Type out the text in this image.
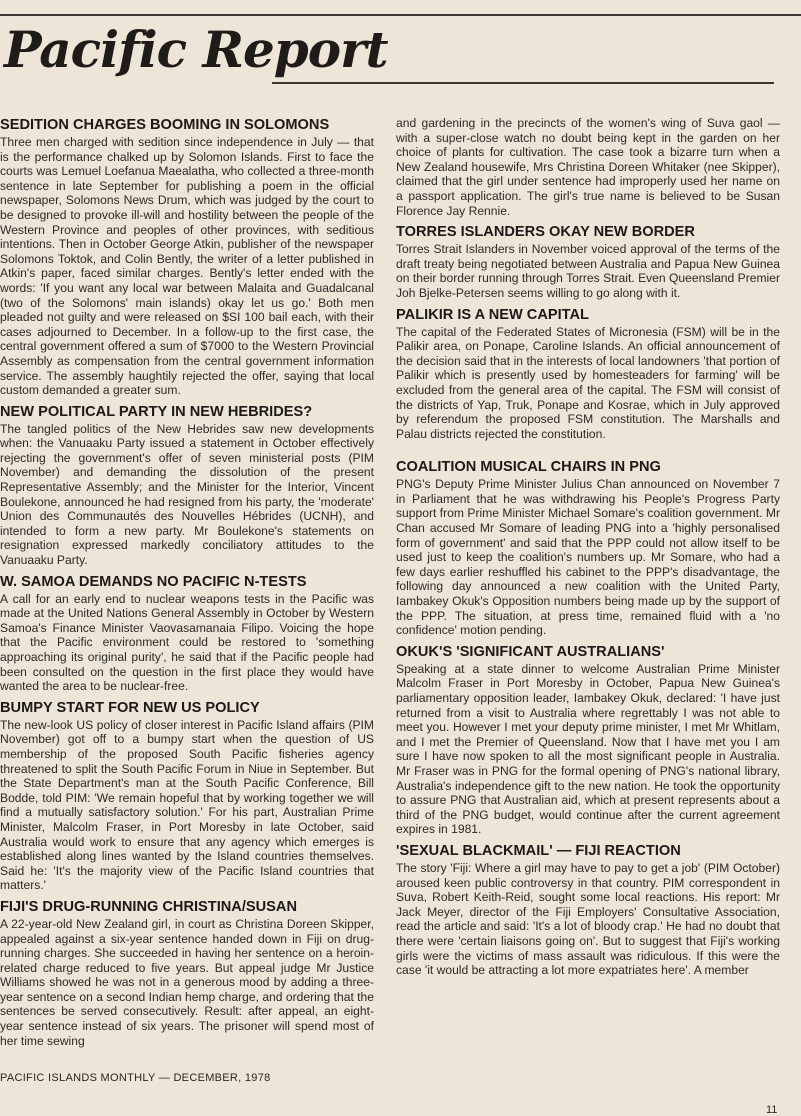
Pacific Report
SEDITION CHARGES BOOMING IN SOLOMONS

Three men charged with sedition since independence in July — that is the performance chalked up by Solomon Islands. First to face the courts was Lemuel Loefanua Maealatha, who collected a three-month sentence in late September for publishing a poem in the official newspaper, Solomons News Drum, which was judged by the court to be designed to provoke ill-will and hostility between the people of the Western Province and peoples of other provinces, with seditious intentions. Then in October George Atkin, publisher of the newspaper Solomons Toktok, and Colin Bently, the writer of a letter published in Atkin's paper, faced similar charges. Bently's letter ended with the words: 'If you want any local war between Malaita and Guadalcanal (two of the Solomons' main islands) okay let us go.' Both men pleaded not guilty and were released on $SI 100 bail each, with their cases adjourned to December. In a follow-up to the first case, the central government offered a sum of $7000 to the Western Provincial Assembly as compensation from the central government information service. The assembly haughtily rejected the offer, saying that local custom demanded a greater sum.

NEW POLITICAL PARTY IN NEW HEBRIDES?

The tangled politics of the New Hebrides saw new developments when: the Vanuaaku Party issued a statement in October effectively rejecting the government's offer of seven ministerial posts (PIM November) and demanding the dissolution of the present Representative Assembly; and the Minister for the Interior, Vincent Boulekone, announced he had resigned from his party, the 'moderate' Union des Communautés des Nouvelles Hébrides (UCNH), and intended to form a new party. Mr Boulekone's statements on resignation expressed markedly conciliatory attitudes to the Vanuaaku Party.

W. SAMOA DEMANDS NO PACIFIC N-TESTS

A call for an early end to nuclear weapons tests in the Pacific was made at the United Nations General Assembly in October by Western Samoa's Finance Minister Vaovasamanaia Filipo. Voicing the hope that the Pacific environment could be restored to 'something approaching its original purity', he said that if the Pacific people had been consulted on the question in the first place they would have wanted the area to be nuclear-free.

BUMPY START FOR NEW US POLICY

The new-look US policy of closer interest in Pacific Island affairs (PIM November) got off to a bumpy start when the question of US membership of the proposed South Pacific fisheries agency threatened to split the South Pacific Forum in Niue in September. But the State Department's man at the South Pacific Conference, Bill Bodde, told PIM: 'We remain hopeful that by working together we will find a mutually satisfactory solution.' For his part, Australian Prime Minister, Malcolm Fraser, in Port Moresby in late October, said Australia would work to ensure that any agency which emerges is established along lines wanted by the Island countries themselves. Said he: 'It's the majority view of the Pacific Island countries that matters.'

FIJI'S DRUG-RUNNING CHRISTINA/SUSAN

A 22-year-old New Zealand girl, in court as Christina Doreen Skipper, appealed against a six-year sentence handed down in Fiji on drug-running charges. She succeeded in having her sentence on a heroin-related charge reduced to five years. But appeal judge Mr Justice Williams showed he was not in a generous mood by adding a three-year sentence on a second Indian hemp charge, and ordering that the sentences be served consecutively. Result: after appeal, an eight-year sentence instead of six years. The prisoner will spend most of her time sewing

and gardening in the precincts of the women's wing of Suva gaol — with a super-close watch no doubt being kept in the garden on her choice of plants for cultivation. The case took a bizarre turn when a New Zealand housewife, Mrs Christina Doreen Whitaker (nee Skipper), claimed that the girl under sentence had improperly used her name on a passport application. The girl's true name is believed to be Susan Florence Jay Rennie.

TORRES ISLANDERS OKAY NEW BORDER

Torres Strait Islanders in November voiced approval of the terms of the draft treaty being negotiated between Australia and Papua New Guinea on their border running through Torres Strait. Even Queensland Premier Joh Bjelke-Petersen seems willing to go along with it.

PALIKIR IS A NEW CAPITAL

The capital of the Federated States of Micronesia (FSM) will be in the Palikir area, on Ponape, Caroline Islands. An official announcement of the decision said that in the interests of local landowners 'that portion of Palikir which is presently used by homesteaders for farming' will be excluded from the general area of the capital. The FSM will consist of the districts of Yap, Truk, Ponape and Kosrae, which in July approved by referendum the proposed FSM constitution. The Marshalls and Palau districts rejected the constitution.

COALITION MUSICAL CHAIRS IN PNG

PNG's Deputy Prime Minister Julius Chan announced on November 7 in Parliament that he was withdrawing his People's Progress Party support from Prime Minister Michael Somare's coalition government. Mr Chan accused Mr Somare of leading PNG into a 'highly personalised form of government' and said that the PPP could not allow itself to be used just to keep the coalition's numbers up. Mr Somare, who had a few days earlier reshuffled his cabinet to the PPP's disadvantage, the following day announced a new coalition with the United Party, Iambakey Okuk's Opposition numbers being made up by the support of the PPP. The situation, at press time, remained fluid with a 'no confidence' motion pending.

OKUK'S 'SIGNIFICANT AUSTRALIANS'

Speaking at a state dinner to welcome Australian Prime Minister Malcolm Fraser in Port Moresby in October, Papua New Guinea's parliamentary opposition leader, Iambakey Okuk, declared: 'I have just returned from a visit to Australia where regrettably I was not able to meet you. However I met your deputy prime minister, I met Mr Whitlam, and I met the Premier of Queensland. Now that I have met you I am sure I have now spoken to all the most significant people in Australia. Mr Fraser was in PNG for the formal opening of PNG's national library, Australia's independence gift to the new nation. He took the opportunity to assure PNG that Australian aid, which at present represents about a third of the PNG budget, would continue after the current agreement expires in 1981.

'SEXUAL BLACKMAIL' — FIJI REACTION

The story 'Fiji: Where a girl may have to pay to get a job' (PIM October) aroused keen public controversy in that country. PIM correspondent in Suva, Robert Keith-Reid, sought some local reactions. His report: Mr Jack Meyer, director of the Fiji Employers' Consultative Association, read the article and said: 'It's a lot of bloody crap.' He had no doubt that there were 'certain liaisons going on'. But to suggest that Fiji's working girls were the victims of mass assault was ridiculous. If this were the case 'it would be attracting a lot more expatriates here'. A member

PACIFIC ISLANDS MONTHLY — DECEMBER, 1978
11
